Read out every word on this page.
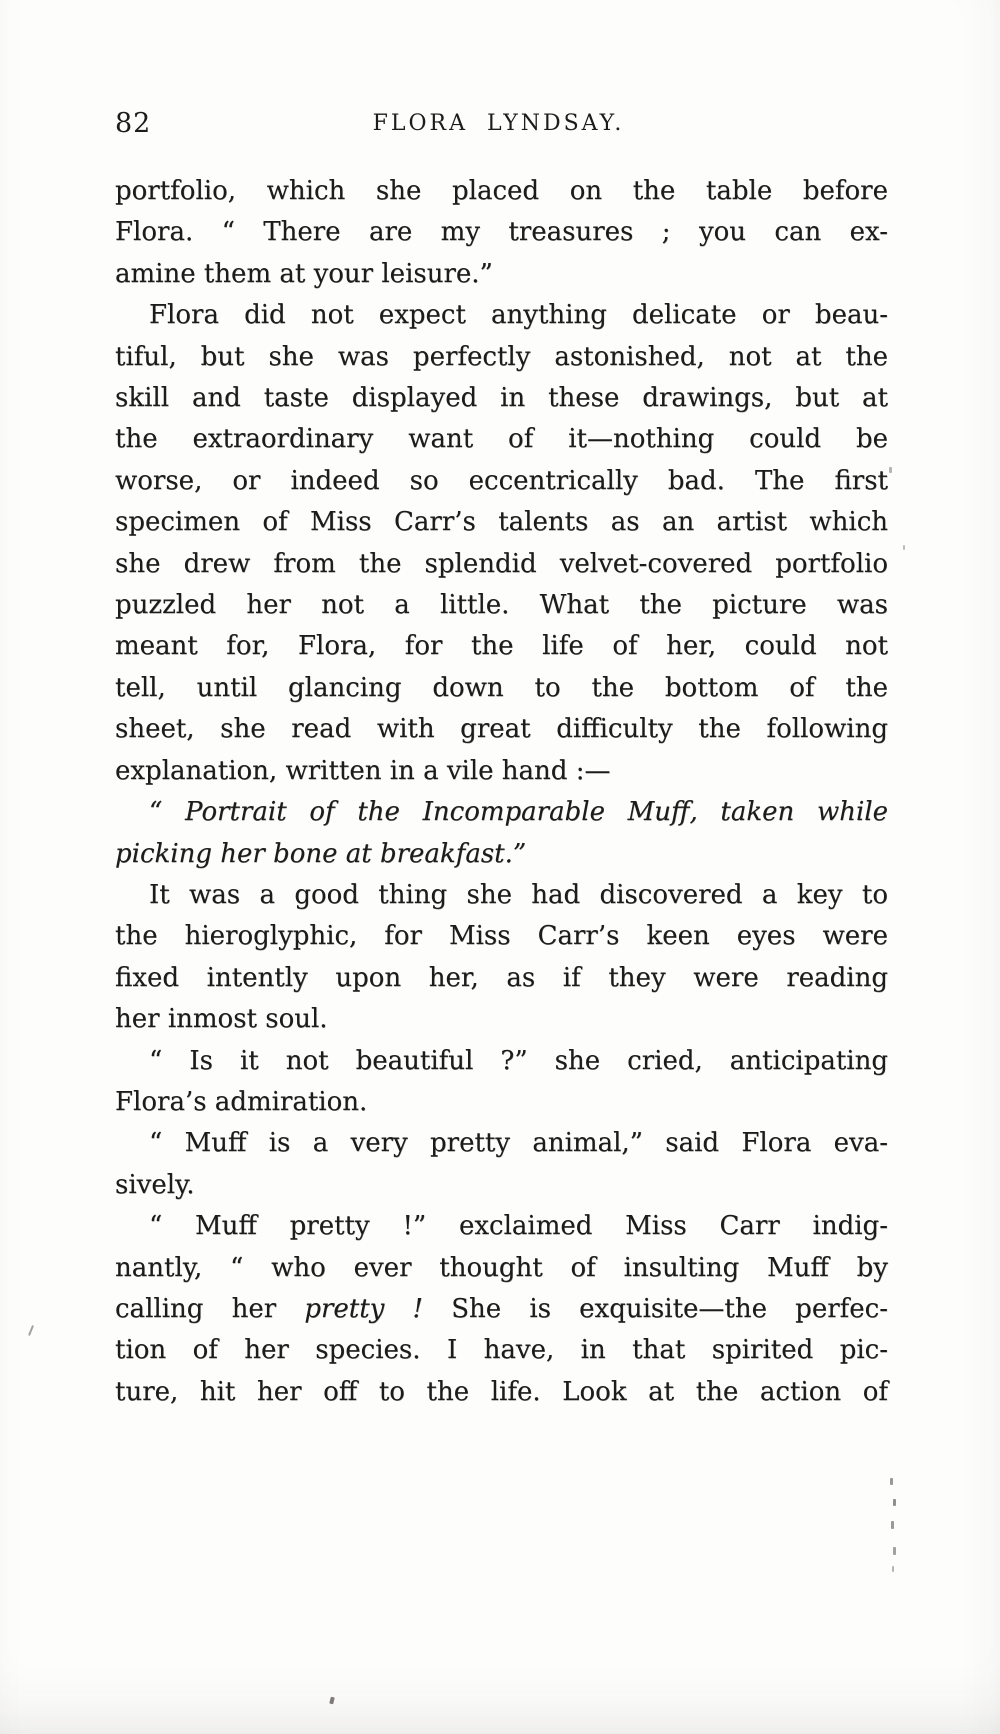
82	FLORA LYNDSAY.
portfolio, which she placed on the table before
Flora. “ There are my treasures ; you can ex-
amine them at your leisure.”
Flora did not expect anything delicate or beau-
tiful, but she was perfectly astonished, not at the
skill and taste displayed in these drawings, but at
the extraordinary want of it—nothing could be
worse, or indeed so eccentrically bad. The first
specimen of Miss Carr’s talents as an artist which
she drew from the splendid velvet-covered portfolio
puzzled her not a little. What the picture was
meant for, Flora, for the life of her, could not
tell, until glancing down to the bottom of the
sheet, she read with great difficulty the following
explanation, written in a vile hand :—
“ Portrait of the Incomparable Muff, taken while
picking her bone at breakfast.”
It was a good thing she had discovered a key to
the hieroglyphic, for Miss Carr’s keen eyes were
fixed intently upon her, as if they were reading
her inmost soul.
“ Is it not beautiful ?” she cried, anticipating
Flora’s admiration.
“ Muff is a very pretty animal,” said Flora eva-
sively.
“ Muff pretty !” exclaimed Miss Carr indig-
nantly, “ who ever thought of insulting Muff by
calling her pretty ! She is exquisite—the perfec-
tion of her species. I have, in that spirited pic-
ture, hit her off to the life. Look at the action of
